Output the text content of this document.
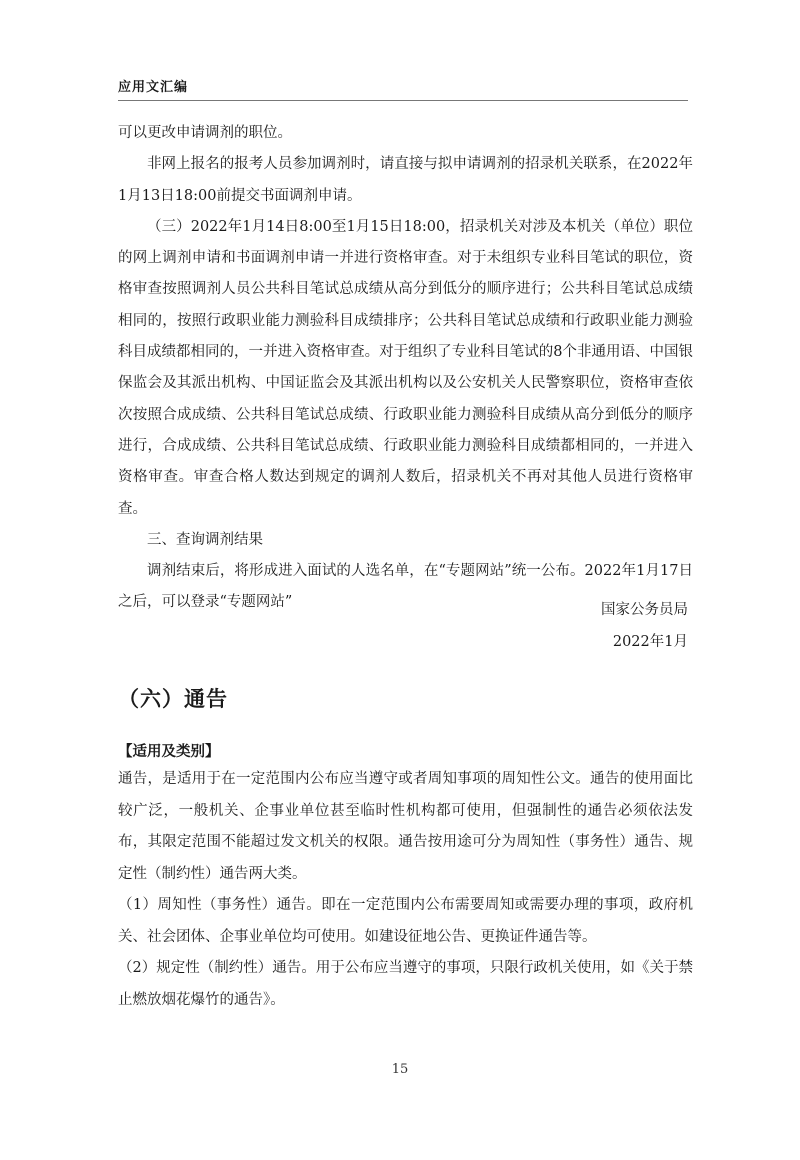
应用文汇编

可以更改申请调剂的职位。

非网上报名的报考人员参加调剂时，请直接与拟申请调剂的招录机关联系，在2022年1月13日18:00前提交书面调剂申请。

（三）2022年1月14日8:00至1月15日18:00，招录机关对涉及本机关（单位）职位的网上调剂申请和书面调剂申请一并进行资格审查。对于未组织专业科目笔试的职位，资格审查按照调剂人员公共科目笔试总成绩从高分到低分的顺序进行；公共科目笔试总成绩相同的，按照行政职业能力测验科目成绩排序；公共科目笔试总成绩和行政职业能力测验科目成绩都相同的，一并进入资格审查。对于组织了专业科目笔试的8个非通用语、中国银保监会及其派出机构、中国证监会及其派出机构以及公安机关人民警察职位，资格审查依次按照合成成绩、公共科目笔试总成绩、行政职业能力测验科目成绩从高分到低分的顺序进行，合成成绩、公共科目笔试总成绩、行政职业能力测验科目成绩都相同的，一并进入资格审查。审查合格人数达到规定的调剂人数后，招录机关不再对其他人员进行资格审查。

三、查询调剂结果

调剂结束后，将形成进入面试的人选名单，在“专题网站”统一公布。2022年1月17日之后，可以登录“专题网站”	国家公务员局
2022年1月
（六）通告
【适用及类别】

通告，是适用于在一定范围内公布应当遵守或者周知事项的周知性公文。通告的使用面比较广泛，一般机关、企事业单位甚至临时性机构都可使用，但强制性的通告必须依法发布，其限定范围不能超过发文机关的权限。通告按用途可分为周知性（事务性）通告、规定性（制约性）通告两大类。

（1）周知性（事务性）通告。即在一定范围内公布需要周知或需要办理的事项，政府机关、社会团体、企事业单位均可使用。如建设征地公告、更换证件通告等。

（2）规定性（制约性）通告。用于公布应当遵守的事项，只限行政机关使用，如《关于禁止燃放烟花爆竹的通告》。

15
